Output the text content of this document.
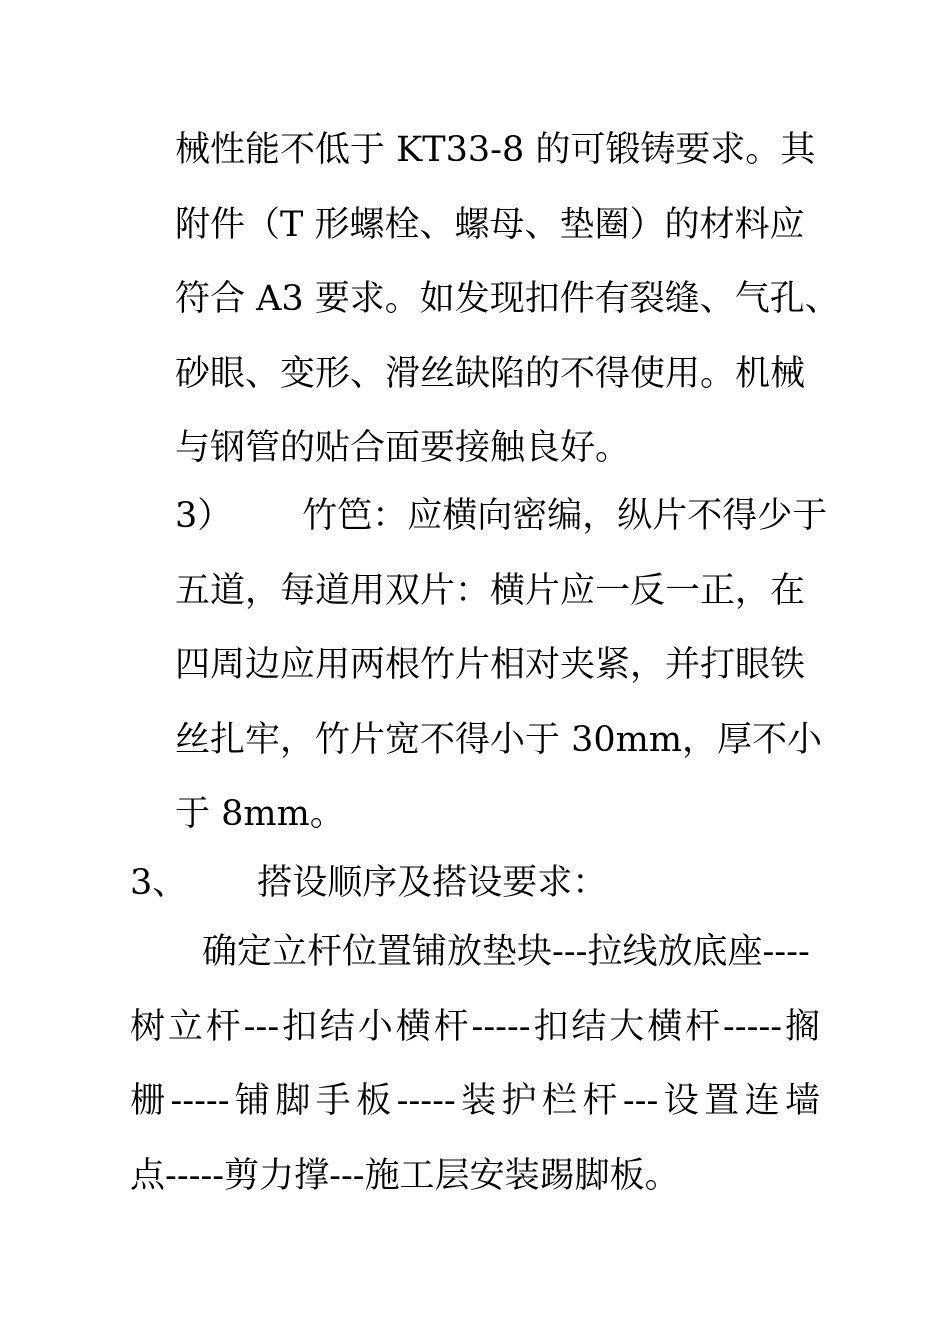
械性能不低于 KT33-8 的可锻铸要求。其
附件（T 形螺栓、螺母、垫圈）的材料应
符合 A3 要求。如发现扣件有裂缝、气孔、
砂眼、变形、滑丝缺陷的不得使用。机械
与钢管的贴合面要接触良好。
3） 竹笆：应横向密编，纵片不得少于
五道，每道用双片：横片应一反一正，在
四周边应用两根竹片相对夹紧，并打眼铁
丝扎牢，竹片宽不得小于 30mm，厚不小
于 8mm。
3、 搭设顺序及搭设要求：
确定立杆位置铺放垫块---拉线放底座----
树立杆---扣结小横杆-----扣结大横杆-----搁
栅-----铺脚手板-----装护栏杆---设置连墙
点-----剪力撑---施工层安装踢脚板。
